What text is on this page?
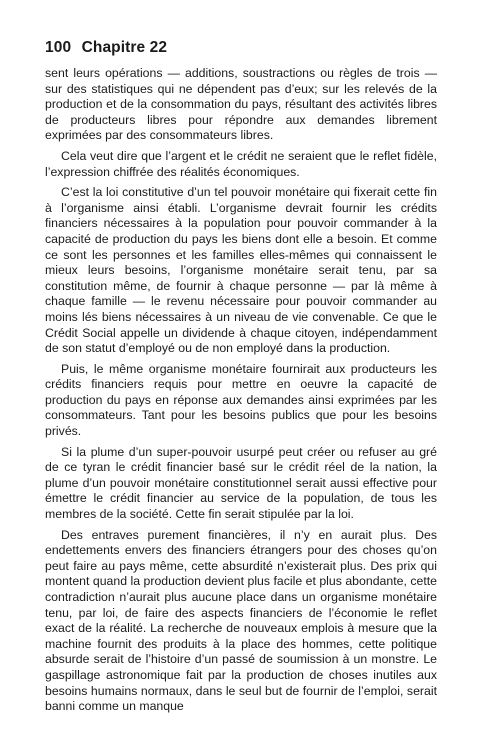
100 Chapitre 22

sent leurs opérations — additions, soustractions ou règles de trois — sur des statistiques qui ne dépendent pas d’eux; sur les relevés de la production et de la consommation du pays, résultant des activités libres de producteurs libres pour répondre aux demandes librement exprimées par des consommateurs libres.

Cela veut dire que l’argent et le crédit ne seraient que le reflet fidèle, l’expression chiffrée des réalités économiques.

C’est la loi constitutive d’un tel pouvoir monétaire qui fixerait cette fin à l’organisme ainsi établi. L’organisme devrait fournir les crédits financiers nécessaires à la population pour pouvoir commander à la capacité de production du pays les biens dont elle a besoin. Et comme ce sont les personnes et les familles elles-mêmes qui connaissent le mieux leurs besoins, l’organisme monétaire serait tenu, par sa constitution même, de fournir à chaque personne — par là même à chaque famille — le revenu nécessaire pour pouvoir commander au moins lés biens nécessaires à un niveau de vie convenable. Ce que le Crédit Social appelle un dividende à chaque citoyen, indépendamment de son statut d’employé ou de non employé dans la production.

Puis, le même organisme monétaire fournirait aux producteurs les crédits financiers requis pour mettre en oeuvre la capacité de production du pays en réponse aux demandes ainsi exprimées par les consommateurs. Tant pour les besoins publics que pour les besoins privés.

Si la plume d’un super-pouvoir usurpé peut créer ou refuser au gré de ce tyran le crédit financier basé sur le crédit réel de la nation, la plume d’un pouvoir monétaire constitutionnel serait aussi effective pour émettre le crédit financier au service de la population, de tous les membres de la société. Cette fin serait stipulée par la loi.

Des entraves purement financières, il n’y en aurait plus. Des endettements envers des financiers étrangers pour des choses qu’on peut faire au pays même, cette absurdité n’existerait plus. Des prix qui montent quand la production devient plus facile et plus abondante, cette contradiction n’aurait plus aucune place dans un organisme monétaire tenu, par loi, de faire des aspects financiers de l’économie le reflet exact de la réalité. La recherche de nouveaux emplois à mesure que la machine fournit des produits à la place des hommes, cette politique absurde serait de l’histoire d’un passé de soumission à un monstre. Le gaspillage astronomique fait par la production de choses inutiles aux besoins humains normaux, dans le seul but de fournir de l’emploi, serait banni comme un manque
